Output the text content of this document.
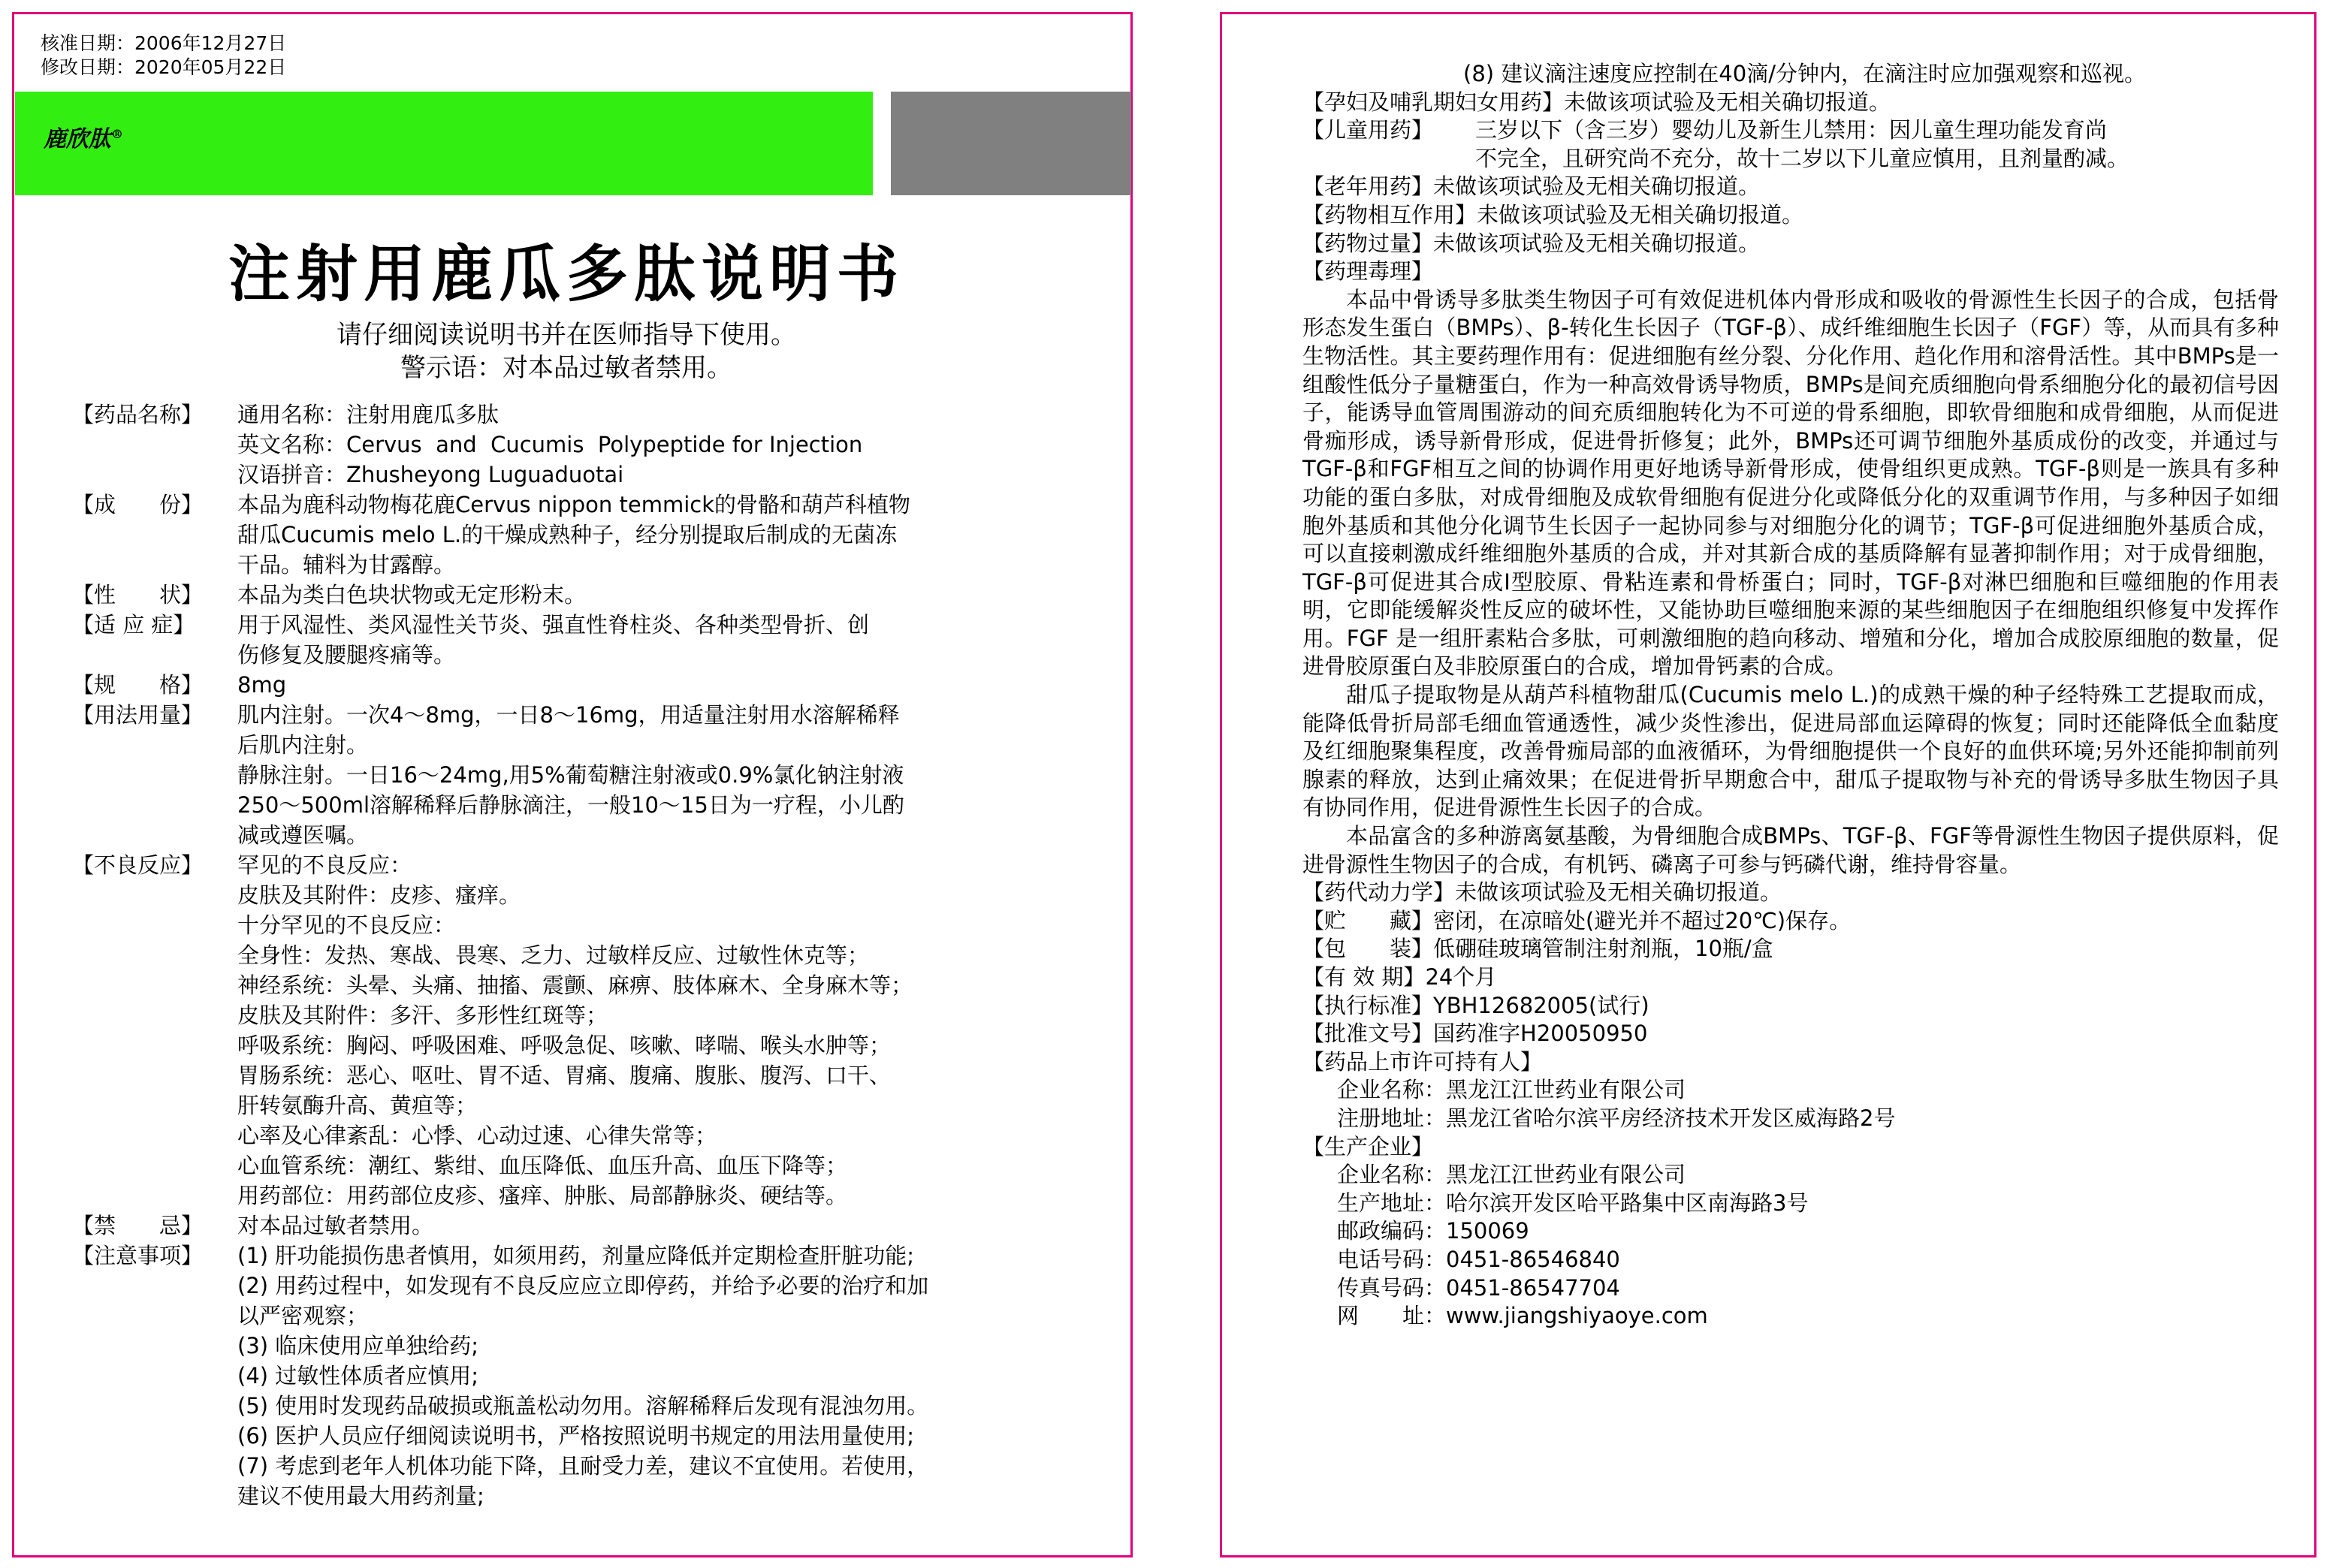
核准日期：2006年12月27日
修改日期：2020年05月22日
鹿欣肽®
注射用鹿瓜多肽说明书
请仔细阅读说明书并在医师指导下使用。
警示语：对本品过敏者禁用。
【药品名称】	通用名称：注射用鹿瓜多肽
英文名称：Cervus  and  Cucumis  Polypeptide for Injection
汉语拼音：Zhusheyong Luguaduotai
【成　　份】	本品为鹿科动物梅花鹿Cervus nippon temmick的骨骼和葫芦科植物
甜瓜Cucumis melo L.的干燥成熟种子，经分别提取后制成的无菌冻
干品。辅料为甘露醇。
【性　　状】	本品为类白色块状物或无定形粉末。
【适 应 症】	用于风湿性、类风湿性关节炎、强直性脊柱炎、各种类型骨折、创
伤修复及腰腿疼痛等。
【规　　格】	8mg
【用法用量】	肌内注射。一次4～8mg，一日8～16mg，用适量注射用水溶解稀释
后肌内注射。
静脉注射。一日16～24mg,用5%葡萄糖注射液或0.9%氯化钠注射液
250～500ml溶解稀释后静脉滴注，一般10～15日为一疗程，小儿酌
减或遵医嘱。
【不良反应】	罕见的不良反应：
皮肤及其附件：皮疹、瘙痒。
十分罕见的不良反应：
全身性：发热、寒战、畏寒、乏力、过敏样反应、过敏性休克等；
神经系统：头晕、头痛、抽搐、震颤、麻痹、肢体麻木、全身麻木等；
皮肤及其附件：多汗、多形性红斑等；
呼吸系统：胸闷、呼吸困难、呼吸急促、咳嗽、哮喘、喉头水肿等；
胃肠系统：恶心、呕吐、胃不适、胃痛、腹痛、腹胀、腹泻、口干、
肝转氨酶升高、黄疸等；
心率及心律紊乱：心悸、心动过速、心律失常等；
心血管系统：潮红、紫绀、血压降低、血压升高、血压下降等；
用药部位：用药部位皮疹、瘙痒、肿胀、局部静脉炎、硬结等。
【禁　　忌】	对本品过敏者禁用。
【注意事项】	(1) 肝功能损伤患者慎用，如须用药，剂量应降低并定期检查肝脏功能;
(2) 用药过程中，如发现有不良反应应立即停药，并给予必要的治疗和加
以严密观察；
(3) 临床使用应单独给药;
(4) 过敏性体质者应慎用;
(5) 使用时发现药品破损或瓶盖松动勿用。溶解稀释后发现有混浊勿用。
(6) 医护人员应仔细阅读说明书，严格按照说明书规定的用法用量使用;
(7) 考虑到老年人机体功能下降，且耐受力差，建议不宜使用。若使用，
建议不使用最大用药剂量;
(8) 建议滴注速度应控制在40滴/分钟内，在滴注时应加强观察和巡视。
【孕妇及哺乳期妇女用药】 未做该项试验及无相关确切报道。
【儿童用药】	三岁以下（含三岁）婴幼儿及新生儿禁用：因儿童生理功能发育尚
不完全，且研究尚不充分，故十二岁以下儿童应慎用，且剂量酌减。
【老年用药】 未做该项试验及无相关确切报道。
【药物相互作用】 未做该项试验及无相关确切报道。
【药物过量】 未做该项试验及无相关确切报道。
【药理毒理】
本品中骨诱导多肽类生物因子可有效促进机体内骨形成和吸收的骨源性生长因子的合成，包括骨形态发生蛋白（BMPs）、β-转化生长因子（TGF-β）、成纤维细胞生长因子（FGF）等，从而具有多种生物活性。其主要药理作用有：促进细胞有丝分裂、分化作用、趋化作用和溶骨活性。其中BMPs是一组酸性低分子量糖蛋白，作为一种高效骨诱导物质，BMPs是间充质细胞向骨系细胞分化的最初信号因子，能诱导血管周围游动的间充质细胞转化为不可逆的骨系细胞，即软骨细胞和成骨细胞，从而促进骨痂形成，诱导新骨形成，促进骨折修复；此外，BMPs还可调节细胞外基质成份的改变，并通过与TGF-β和FGF相互之间的协调作用更好地诱导新骨形成，使骨组织更成熟。TGF-β则是一族具有多种功能的蛋白多肽，对成骨细胞及成软骨细胞有促进分化或降低分化的双重调节作用，与多种因子如细胞外基质和其他分化调节生长因子一起协同参与对细胞分化的调节；TGF-β可促进细胞外基质合成，可以直接刺激成纤维细胞外基质的合成，并对其新合成的基质降解有显著抑制作用；对于成骨细胞，TGF-β可促进其合成I型胶原、骨粘连素和骨桥蛋白；同时，TGF-β对淋巴细胞和巨噬细胞的作用表明，它即能缓解炎性反应的破坏性，又能协助巨噬细胞来源的某些细胞因子在细胞组织修复中发挥作用。FGF 是一组肝素粘合多肽，可刺激细胞的趋向移动、增殖和分化，增加合成胶原细胞的数量，促进骨胶原蛋白及非胶原蛋白的合成，增加骨钙素的合成。
甜瓜子提取物是从葫芦科植物甜瓜(Cucumis melo L.)的成熟干燥的种子经特殊工艺提取而成，能降低骨折局部毛细血管通透性，减少炎性渗出，促进局部血运障碍的恢复；同时还能降低全血黏度及红细胞聚集程度，改善骨痂局部的血液循环，为骨细胞提供一个良好的血供环境;另外还能抑制前列腺素的释放，达到止痛效果；在促进骨折早期愈合中，甜瓜子提取物与补充的骨诱导多肽生物因子具有协同作用，促进骨源性生长因子的合成。
本品富含的多种游离氨基酸，为骨细胞合成BMPs、TGF-β、FGF等骨源性生物因子提供原料，促进骨源性生物因子的合成，有机钙、磷离子可参与钙磷代谢，维持骨容量。
【药代动力学】 未做该项试验及无相关确切报道。
【贮　　藏】 密闭，在凉暗处(避光并不超过20℃)保存。
【包　　装】 低硼硅玻璃管制注射剂瓶，10瓶/盒
【有 效 期】 24个月
【执行标准】 YBH12682005(试行)
【批准文号】 国药准字H20050950
【药品上市许可持有人】
企业名称：黑龙江江世药业有限公司
注册地址：黑龙江省哈尔滨平房经济技术开发区威海路2号
【生产企业】
企业名称：黑龙江江世药业有限公司
生产地址：哈尔滨开发区哈平路集中区南海路3号
邮政编码：150069
电话号码：0451-86546840
传真号码：0451-86547704
网　　址：www.jiangshiyaoye.com
